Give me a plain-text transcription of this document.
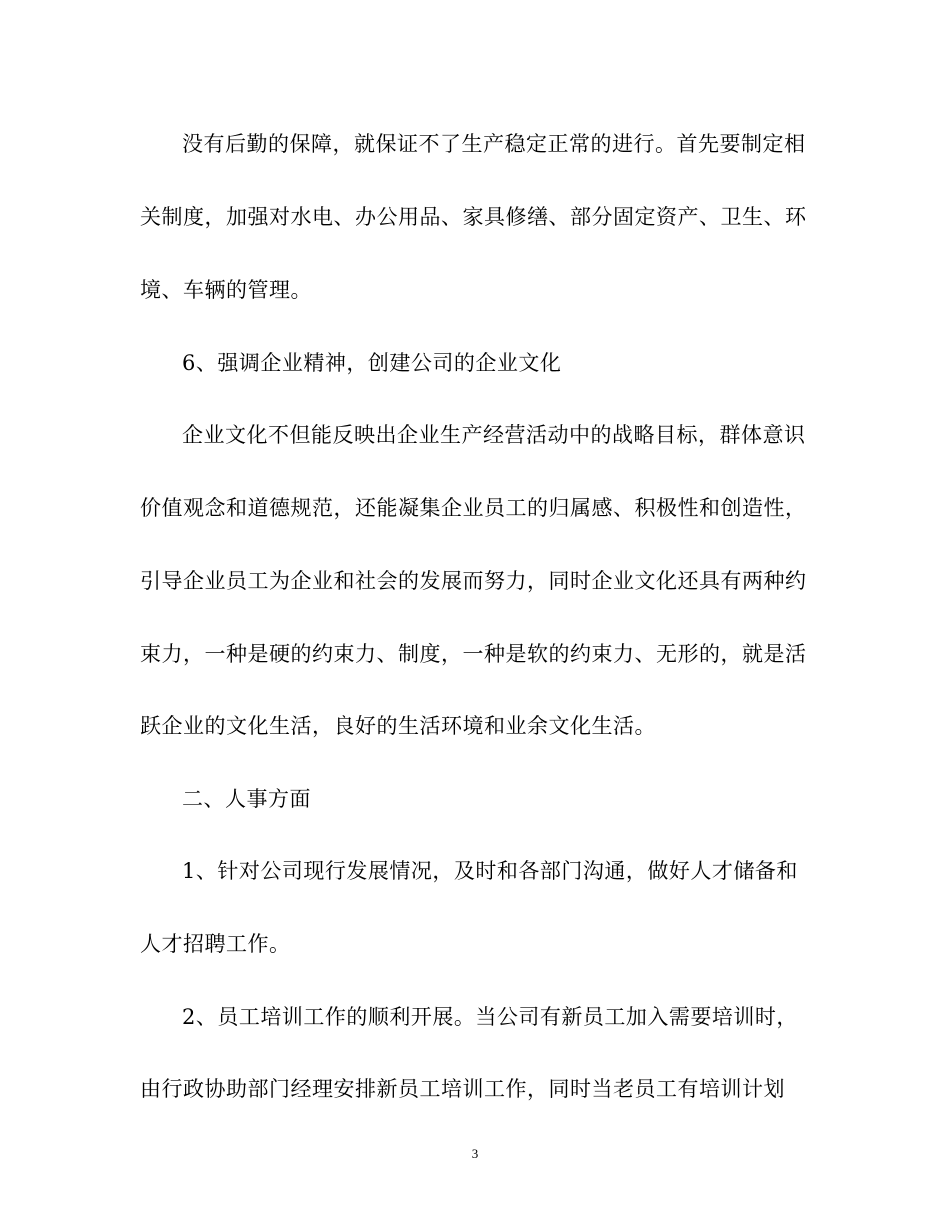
没有后勤的保障，就保证不了生产稳定正常的进行。首先要制定相
关制度，加强对水电、办公用品、家具修缮、部分固定资产、卫生、环
境、车辆的管理。
6、强调企业精神，创建公司的企业文化
企业文化不但能反映出企业生产经营活动中的战略目标，群体意识
价值观念和道德规范，还能凝集企业员工的归属感、积极性和创造性，
引导企业员工为企业和社会的发展而努力，同时企业文化还具有两种约
束力，一种是硬的约束力、制度，一种是软的约束力、无形的，就是活
跃企业的文化生活，良好的生活环境和业余文化生活。
二、人事方面
1、针对公司现行发展情况，及时和各部门沟通，做好人才储备和
人才招聘工作。
2、员工培训工作的顺利开展。当公司有新员工加入需要培训时，
由行政协助部门经理安排新员工培训工作，同时当老员工有培训计划
3
